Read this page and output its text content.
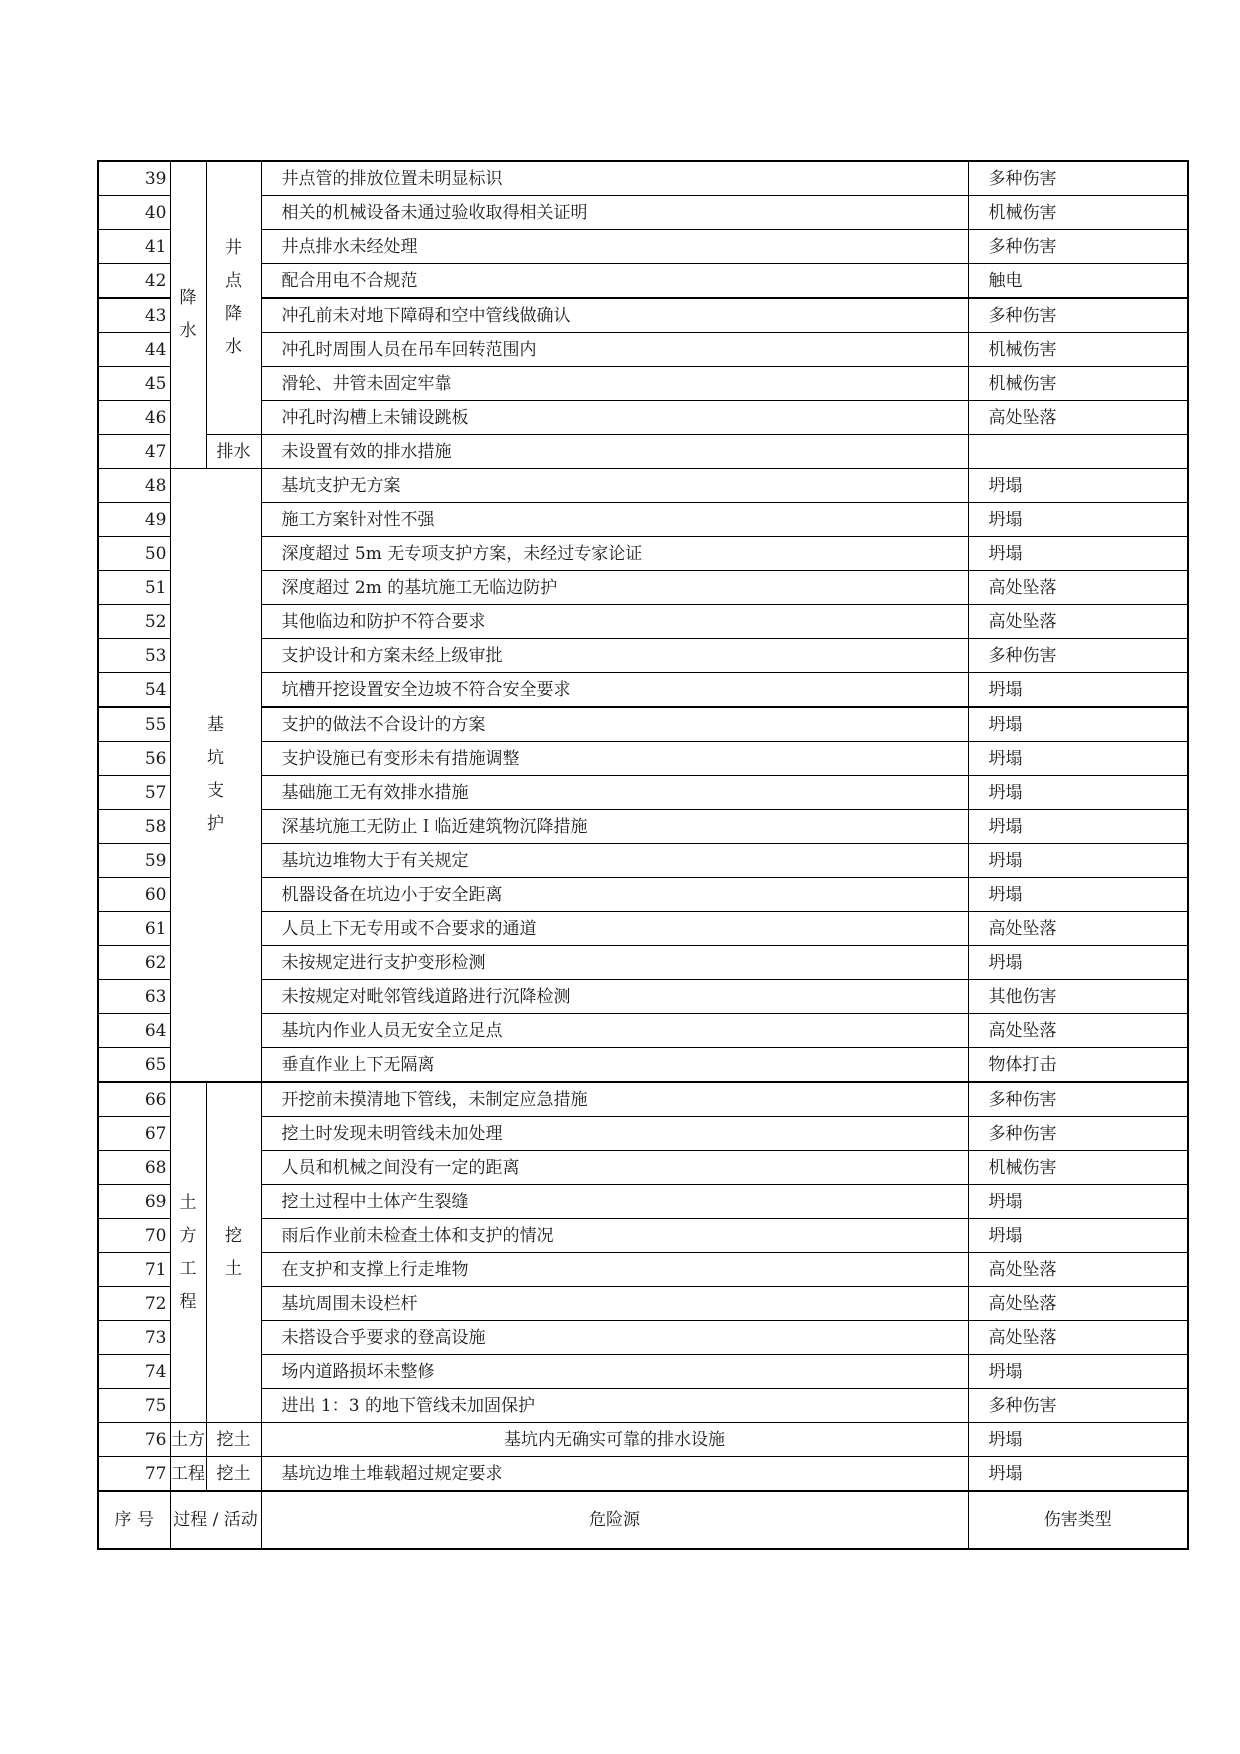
39	降水	井点降水	井点管的排放位置未明显标识	多种伤害
40			相关的机械设备未通过验收取得相关证明	机械伤害
41			井点排水未经处理	多种伤害
42			配合用电不合规范	触电
43			冲孔前未对地下障碍和空中管线做确认	多种伤害
44			冲孔时周围人员在吊车回转范围内	机械伤害
45			滑轮、井管未固定牢靠	机械伤害
46			冲孔时沟槽上未铺设跳板	高处坠落
47		排水	未设置有效的排水措施	
48	基坑支护		基坑支护无方案	坍塌
49			施工方案针对性不强	坍塌
50			深度超过 5m 无专项支护方案，未经过专家论证	坍塌
51			深度超过 2m 的基坑施工无临边防护	高处坠落
52			其他临边和防护不符合要求	高处坠落
53			支护设计和方案未经上级审批	多种伤害
54			坑槽开挖设置安全边坡不符合安全要求	坍塌
55			支护的做法不合设计的方案	坍塌
56			支护设施已有变形未有措施调整	坍塌
57			基础施工无有效排水措施	坍塌
58			深基坑施工无防止Ｉ临近建筑物沉降措施	坍塌
59			基坑边堆物大于有关规定	坍塌
60			机器设备在坑边小于安全距离	坍塌
61			人员上下无专用或不合要求的通道	高处坠落
62			未按规定进行支护变形检测	坍塌
63			未按规定对毗邻管线道路进行沉降检测	其他伤害
64			基坑内作业人员无安全立足点	高处坠落
65			垂直作业上下无隔离	物体打击
66	土方工程	挖土	开挖前未摸清地下管线，未制定应急措施	多种伤害
67			挖土时发现未明管线未加处理	多种伤害
68			人员和机械之间没有一定的距离	机械伤害
69			挖土过程中土体产生裂缝	坍塌
70			雨后作业前未检查土体和支护的情况	坍塌
71			在支护和支撑上行走堆物	高处坠落
72			基坑周围未设栏杆	高处坠落
73			未搭设合乎要求的登高设施	高处坠落
74			场内道路损坏未整修	坍塌
75			进出 1：3 的地下管线未加固保护	多种伤害
76	土方	挖土	基坑内无确实可靠的排水设施	坍塌
77	工程	挖土	基坑边堆土堆载超过规定要求	坍塌
序 号	过程 / 活动		危险源	伤害类型
